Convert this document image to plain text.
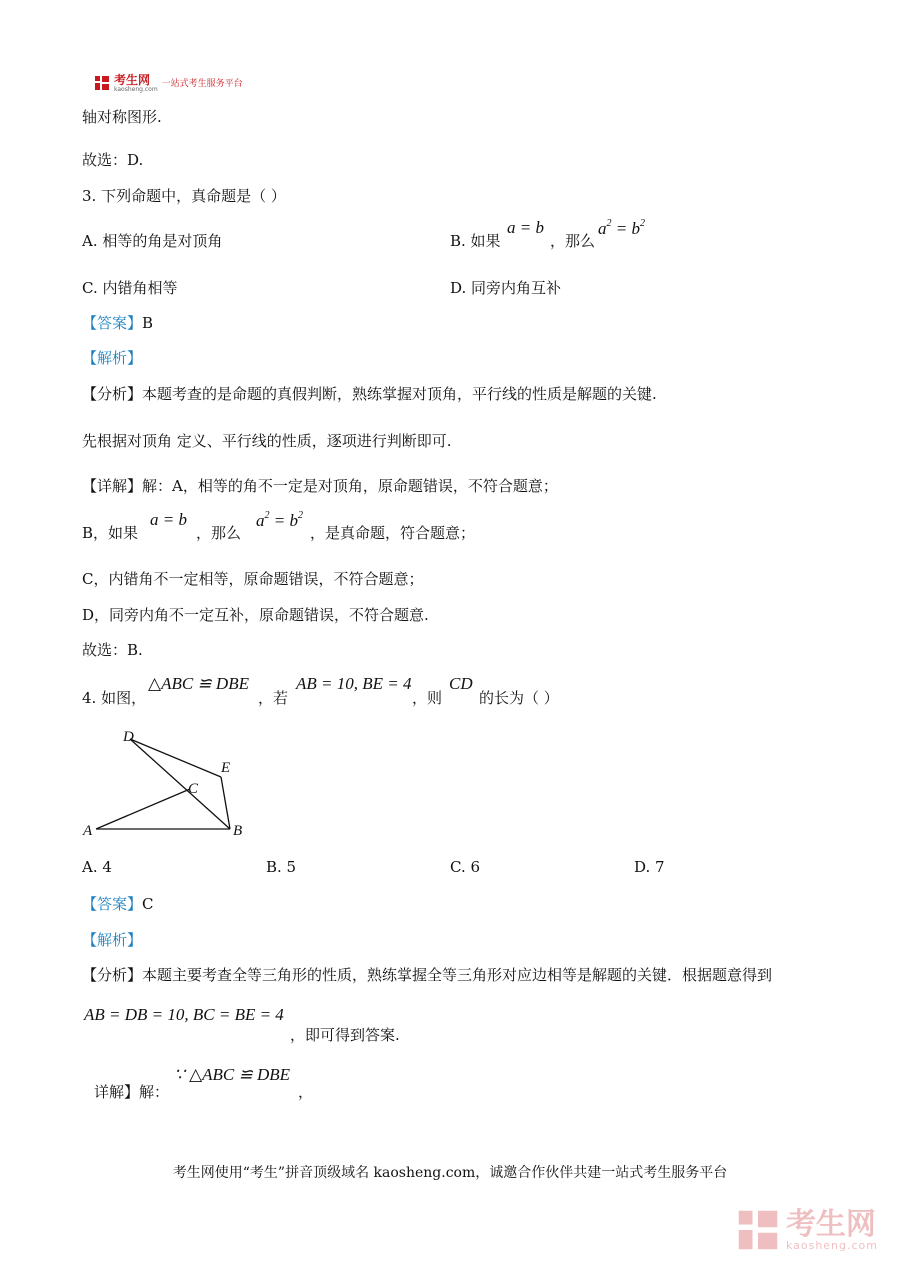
考生网
kaosheng.com
一站式考生服务平台
轴对称图形.
故选：D.
3. 下列命题中，真命题是（ ）
A. 相等的角是对顶角	B. 如果
a = b
，那么
$a^2 = b^2$
C. 内错角相等	D. 同旁内角互补
【答案】B
【解析】
【分析】本题考查的是命题的真假判断，熟练掌握对顶角，平行线的性质是解题的关键.
先根据对顶角 定义、平行线的性质，逐项进行判断即可.
【详解】解：A，相等的角不一定是对顶角，原命题错误，不符合题意；
B，如果
a = b
，那么
$a^2 = b^2$
，是真命题，符合题意；
C，内错角不一定相等，原命题错误，不符合题意；
D，同旁内角不一定互补，原命题错误，不符合题意.
故选：B.
4. 如图，
△ABC ≌ DBE
，若
AB = 10, BE = 4
，则
CD
的长为（ ）
D
E
C
A	B
A. 4	B. 5	C. 6	D. 7
【答案】C
【解析】
【分析】本题主要考查全等三角形的性质，熟练掌握全等三角形对应边相等是解题的关键．根据题意得到
AB = DB = 10, BC = BE = 4
，即可得到答案.
详解】解：
∵ △ABC ≌ DBE
，
考生网使用“考生”拼音顶级域名 kaosheng.com，诚邀合作伙伴共建一站式考生服务平台
考生网
kaosheng.com
